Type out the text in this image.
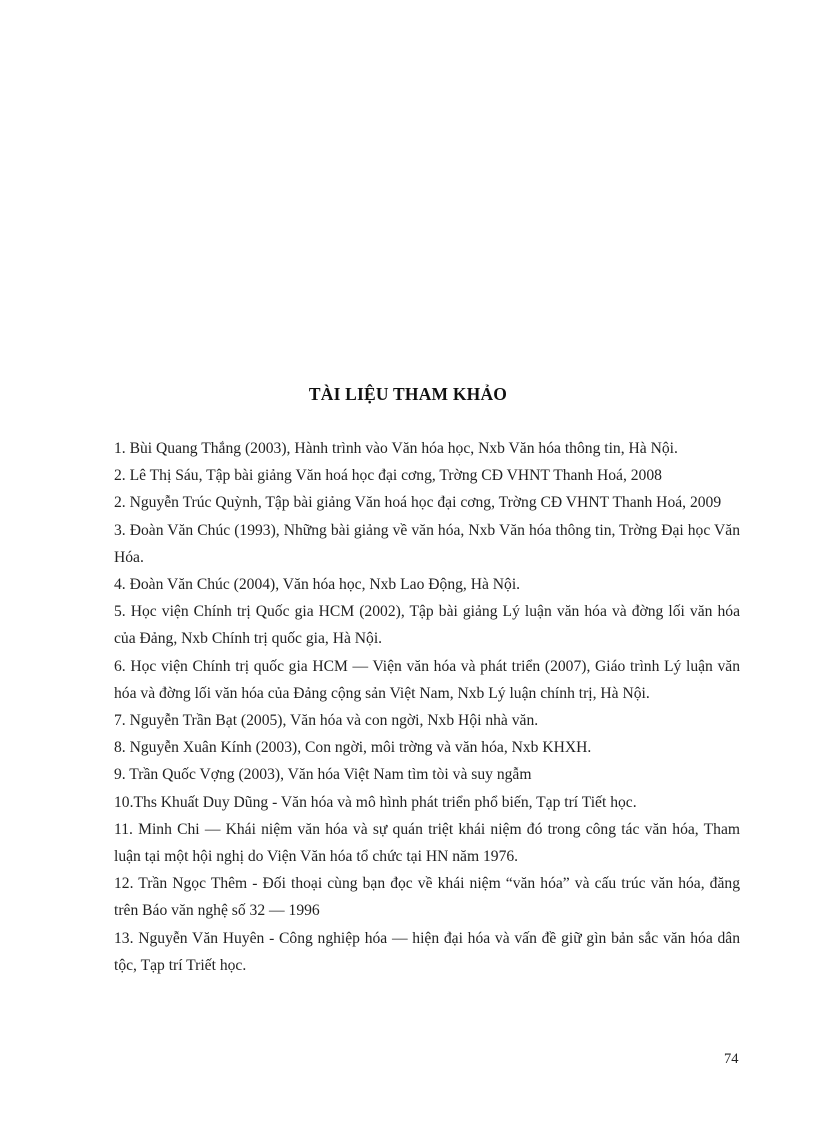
TÀI LIỆU THAM KHẢO

1. Bùi Quang Thắng (2003), Hành trình vào Văn hóa học, Nxb Văn hóa thông tin, Hà Nội.

2. Lê Thị Sáu, Tập bài giảng Văn hoá học đại cơng, Trờng CĐ VHNT Thanh Hoá, 2008

2. Nguyễn Trúc Quỳnh, Tập bài giảng Văn hoá học đại cơng, Trờng CĐ VHNT Thanh Hoá, 2009

3. Đoàn Văn Chúc (1993), Những bài giảng về văn hóa, Nxb Văn hóa thông tin, Trờng Đại học Văn Hóa.

4. Đoàn Văn Chúc (2004), Văn hóa học, Nxb Lao Động, Hà Nội.

5. Học viện Chính trị Quốc gia HCM (2002), Tập bài giảng Lý luận văn hóa và đờng lối văn hóa của Đảng, Nxb Chính trị quốc gia, Hà Nội.

6. Học viện Chính trị quốc gia HCM — Viện văn hóa và phát triển (2007), Giáo trình Lý luận văn hóa và đờng lối văn hóa của Đảng cộng sản Việt Nam, Nxb Lý luận chính trị, Hà Nội.

7. Nguyễn Trần Bạt (2005), Văn hóa và con ngời, Nxb Hội nhà văn.

8. Nguyễn Xuân Kính (2003), Con ngời, môi trờng và văn hóa, Nxb KHXH.

9. Trần Quốc Vợng (2003), Văn hóa Việt Nam tìm tòi và suy ngẫm

10.Ths Khuất Duy Dũng - Văn hóa và mô hình phát triển phổ biến, Tạp trí Tiết học.

11. Minh Chi — Khái niệm văn hóa và sự quán triệt khái niệm đó trong công tác văn hóa, Tham luận tại một hội nghị do Viện Văn hóa tổ chức tại HN năm 1976.

12. Trần Ngọc Thêm - Đối thoại cùng bạn đọc về khái niệm “văn hóa” và cấu trúc văn hóa, đăng trên Báo văn nghệ số 32 — 1996

13. Nguyễn Văn Huyên - Công nghiệp hóa — hiện đại hóa và vấn đề giữ gìn bản sắc văn hóa dân tộc, Tạp trí Triết học.

74
